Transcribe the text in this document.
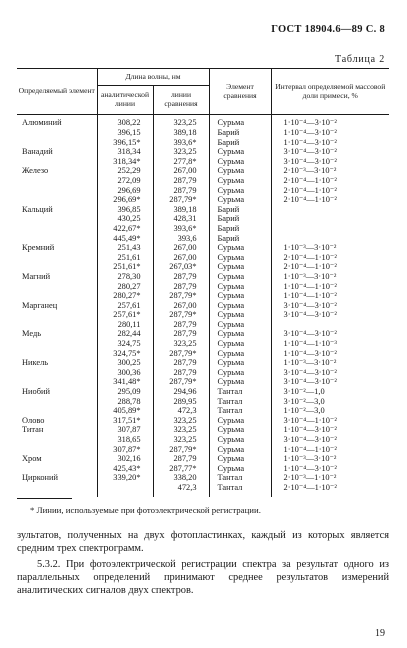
ГОСТ 18904.6—89 С. 8
Таблица 2
Определяемый элемент	Длина волны, нм		Элемент сравнения	Интервал определяемой массовой доли примеси, %
	аналитической линии	линии сравнения		
Алюминий	308,22	323,25	Сурьма	1·10⁻⁴—3·10⁻²
	396,15	389,18	Барий	1·10⁻⁴—3·10⁻²
	396,15*	393,6*	Барий	1·10⁻⁴—3·10⁻²
Ванадий	318,34	323,25	Сурьма	3·10⁻⁴—3·10⁻²
	318,34*	277,8*	Сурьма	3·10⁻⁴—3·10⁻²
Железо	252,29	267,00	Сурьма	2·10⁻³—3·10⁻²
	272,09	287,79	Сурьма	2·10⁻⁴—1·10⁻²
	296,69	287,79	Сурьма	2·10⁻⁴—1·10⁻²
	296,69*	287,79*	Сурьма	2·10⁻⁴—1·10⁻²
Кальций	396,85	389,18	Барий	
	430,25	428,31	Барий	
	422,67*	393,6*	Барий	
	445,49*	393,6	Барий	
Кремний	251,43	267,00	Сурьма	1·10⁻³—3·10⁻²
	251,61	267,00	Сурьма	2·10⁻⁴—1·10⁻²
	251,61*	267,03*	Сурьма	2·10⁻⁴—1·10⁻²
Магний	278,30	287,79	Сурьма	1·10⁻³—3·10⁻²
	280,27	287,79	Сурьма	1·10⁻⁴—1·10⁻²
	280,27*	287,79*	Сурьма	1·10⁻⁴—1·10⁻²
Марганец	257,61	267,00	Сурьма	3·10⁻⁴—3·10⁻²
	257,61*	287,79*	Сурьма	3·10⁻⁴—3·10⁻²
	280,11	287,79	Сурьма	
Медь	282,44	287,79	Сурьма	3·10⁻⁴—3·10⁻²
	324,75	323,25	Сурьма	1·10⁻⁴—1·10⁻³
	324,75*	287,79*	Сурьма	1·10⁻⁴—3·10⁻²
Никель	300,25	287,79	Сурьма	1·10⁻³—3·10⁻²
	300,36	287,79	Сурьма	3·10⁻⁴—3·10⁻²
	341,48*	287,79*	Сурьма	3·10⁻⁴—3·10⁻²
Ниобий	295,09	294,96	Тантал	3·10⁻²—1,0
	288,78	289,95	Тантал	3·10⁻²—3,0
	405,89*	472,3	Тантал	1·10⁻²—3,0
Олово	317,51*	323,25	Сурьма	3·10⁻⁴—1·10⁻²
Титан	307,87	323,25	Сурьма	1·10⁻⁴—3·10⁻²
	318,65	323,25	Сурьма	3·10⁻⁴—3·10⁻²
	307,87*	287,79*	Сурьма	1·10⁻⁴—1·10⁻²
Хром	302,16	287,79	Сурьма	1·10⁻³—3·10⁻²
	425,43*	287,77*	Сурьма	1·10⁻⁴—3·10⁻²
Цирконий	339,20*	338,20	Тантал	2·10⁻³—1·10⁻²
		472,3	Тантал	2·10⁻⁴—1·10⁻²
* Линии, используемые при фотоэлектрической регистрации.
зультатов, полученных на двух фотопластинках, каждый из которых является средним трех спектрограмм.
5.3.2. При фотоэлектрической регистрации спектра за результат одного из параллельных определений принимают среднее результатов измерений аналитических сигналов двух спектров.
19
